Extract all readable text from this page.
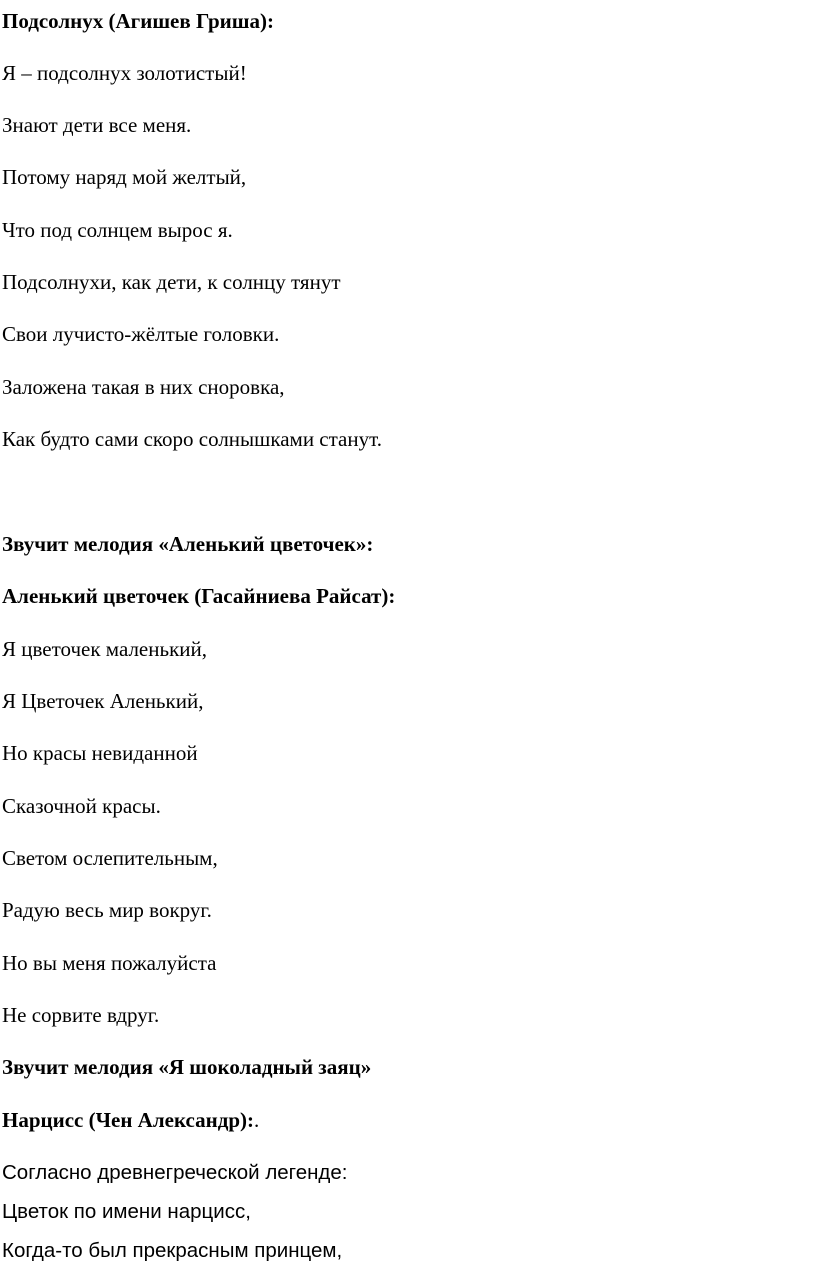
Подсолнух (Агишев Гриша):
Я – подсолнух золотистый!
Знают дети все меня.
Потому наряд мой желтый,
Что под солнцем вырос я.
Подсолнухи, как дети, к солнцу тянут
Свои лучисто-жёлтые головки.
Заложена такая в них сноровка,
Как будто сами скоро солнышками станут.
Звучит мелодия «Аленький цветочек»:
Аленький цветочек (Гасайниева Райсат):
Я цветочек маленький,
Я Цветочек Аленький,
Но красы невиданной
Сказочной красы.
Светом ослепительным,
Радую весь мир вокруг.
Но вы меня пожалуйста
Не сорвите вдруг.
Звучит мелодия «Я шоколадный заяц»
Нарцисс (Чен Александр):.
Согласно древнегреческой легенде:
Цветок по имени нарцисс,
Когда-то был прекрасным принцем,
